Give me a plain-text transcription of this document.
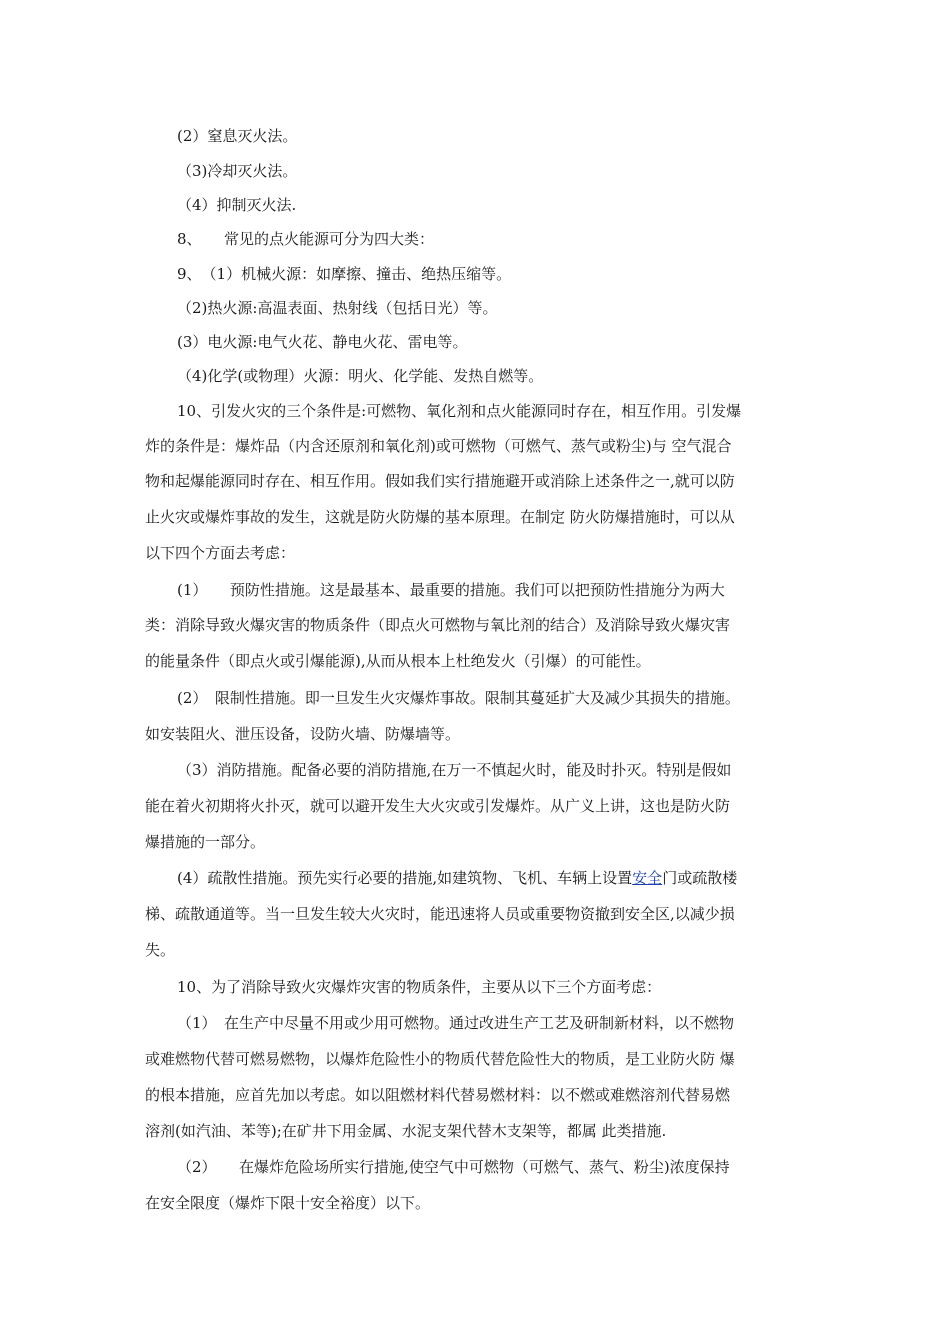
(2）窒息灭火法。
（3)冷却灭火法。
（4）抑制灭火法.
8、　　常见的点火能源可分为四大类：
9、　（1）机械火源：如摩擦、撞击、绝热压缩等。
（2)热火源:高温表面、热射线（包括日光）等。
(3）电火源:电气火花、静电火花、雷电等。
（4)化学(或物理）火源：明火、化学能、发热自燃等。
10、引发火灾的三个条件是:可燃物、氧化剂和点火能源同时存在，相互作用。引发爆
炸的条件是：爆炸品（内含还原剂和氧化剂)或可燃物（可燃气、蒸气或粉尘)与 空气混合
物和起爆能源同时存在、相互作用。假如我们实行措施避开或消除上述条件之一,就可以防
止火灾或爆炸事故的发生，这就是防火防爆的基本原理。在制定 防火防爆措施时，可以从
以下四个方面去考虑：
(1）　　预防性措施。这是最基本、最重要的措施。我们可以把预防性措施分为两大
类：消除导致火爆灾害的物质条件（即点火可燃物与氧比剂的结合）及消除导致火爆灾害
的能量条件（即点火或引爆能源),从而从根本上杜绝发火（引爆）的可能性。
(2）　限制性措施。即一旦发生火灾爆炸事故。限制其蔓延扩大及减少其损失的措施。
如安装阻火、泄压设备，设防火墙、防爆墙等。
（3）消防措施。配备必要的消防措施,在万一不慎起火时，能及时扑灭。特别是假如
能在着火初期将火扑灭，就可以避开发生大火灾或引发爆炸。从广义上讲，这也是防火防
爆措施的一部分。
(4）疏散性措施。预先实行必要的措施,如建筑物、飞机、车辆上设置安全门或疏散楼
梯、疏散通道等。当一旦发生较大火灾时，能迅速将人员或重要物资撤到安全区,以减少损
失。
10、为了消除导致火灾爆炸灾害的物质条件，主要从以下三个方面考虑：
（1）　在生产中尽量不用或少用可燃物。通过改进生产工艺及研制新材料，以不燃物
或难燃物代替可燃易燃物，以爆炸危险性小的物质代替危险性大的物质，是工业防火防 爆
的根本措施，应首先加以考虑。如以阻燃材料代替易燃材料：以不燃或难燃溶剂代替易燃
溶剂(如汽油、苯等);在矿井下用金属、水泥支架代替木支架等，都属 此类措施.
（2）　　在爆炸危险场所实行措施,使空气中可燃物（可燃气、蒸气、粉尘)浓度保持
在安全限度（爆炸下限十安全裕度）以下。
